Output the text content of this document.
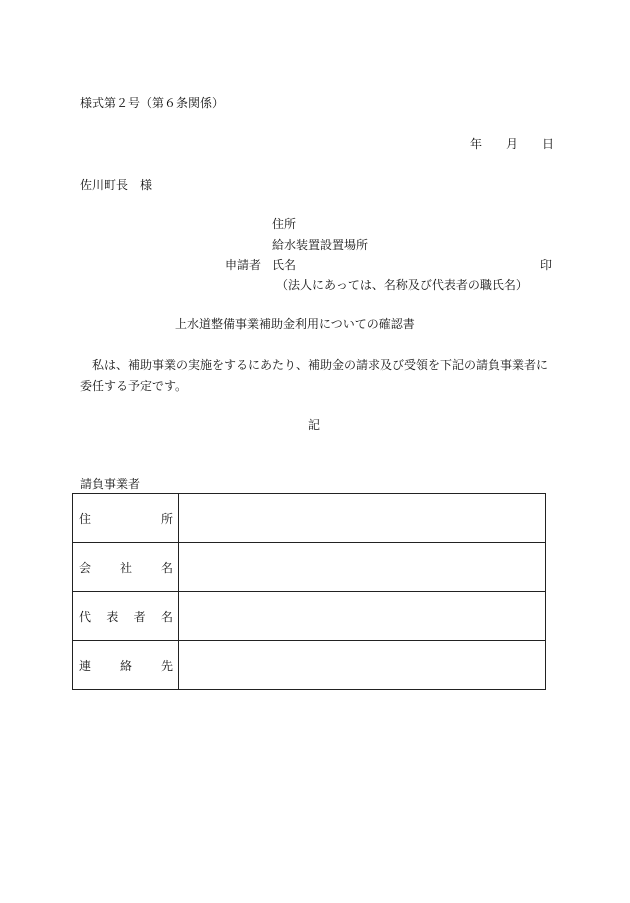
様式第２号（第６条関係）
年 月 日
佐川町長　様
住所
給水装置設置場所
申請者 氏名	印
（法人にあっては、名称及び代表者の職氏名）
上水道整備事業補助金利用についての確認書
私は、補助事業の実施をするにあたり、補助金の請求及び受領を下記の請負事業者に委任する予定です。
記
請負事業者
住 所	

会 社 名	

代 表 者 名	

連 絡 先	
